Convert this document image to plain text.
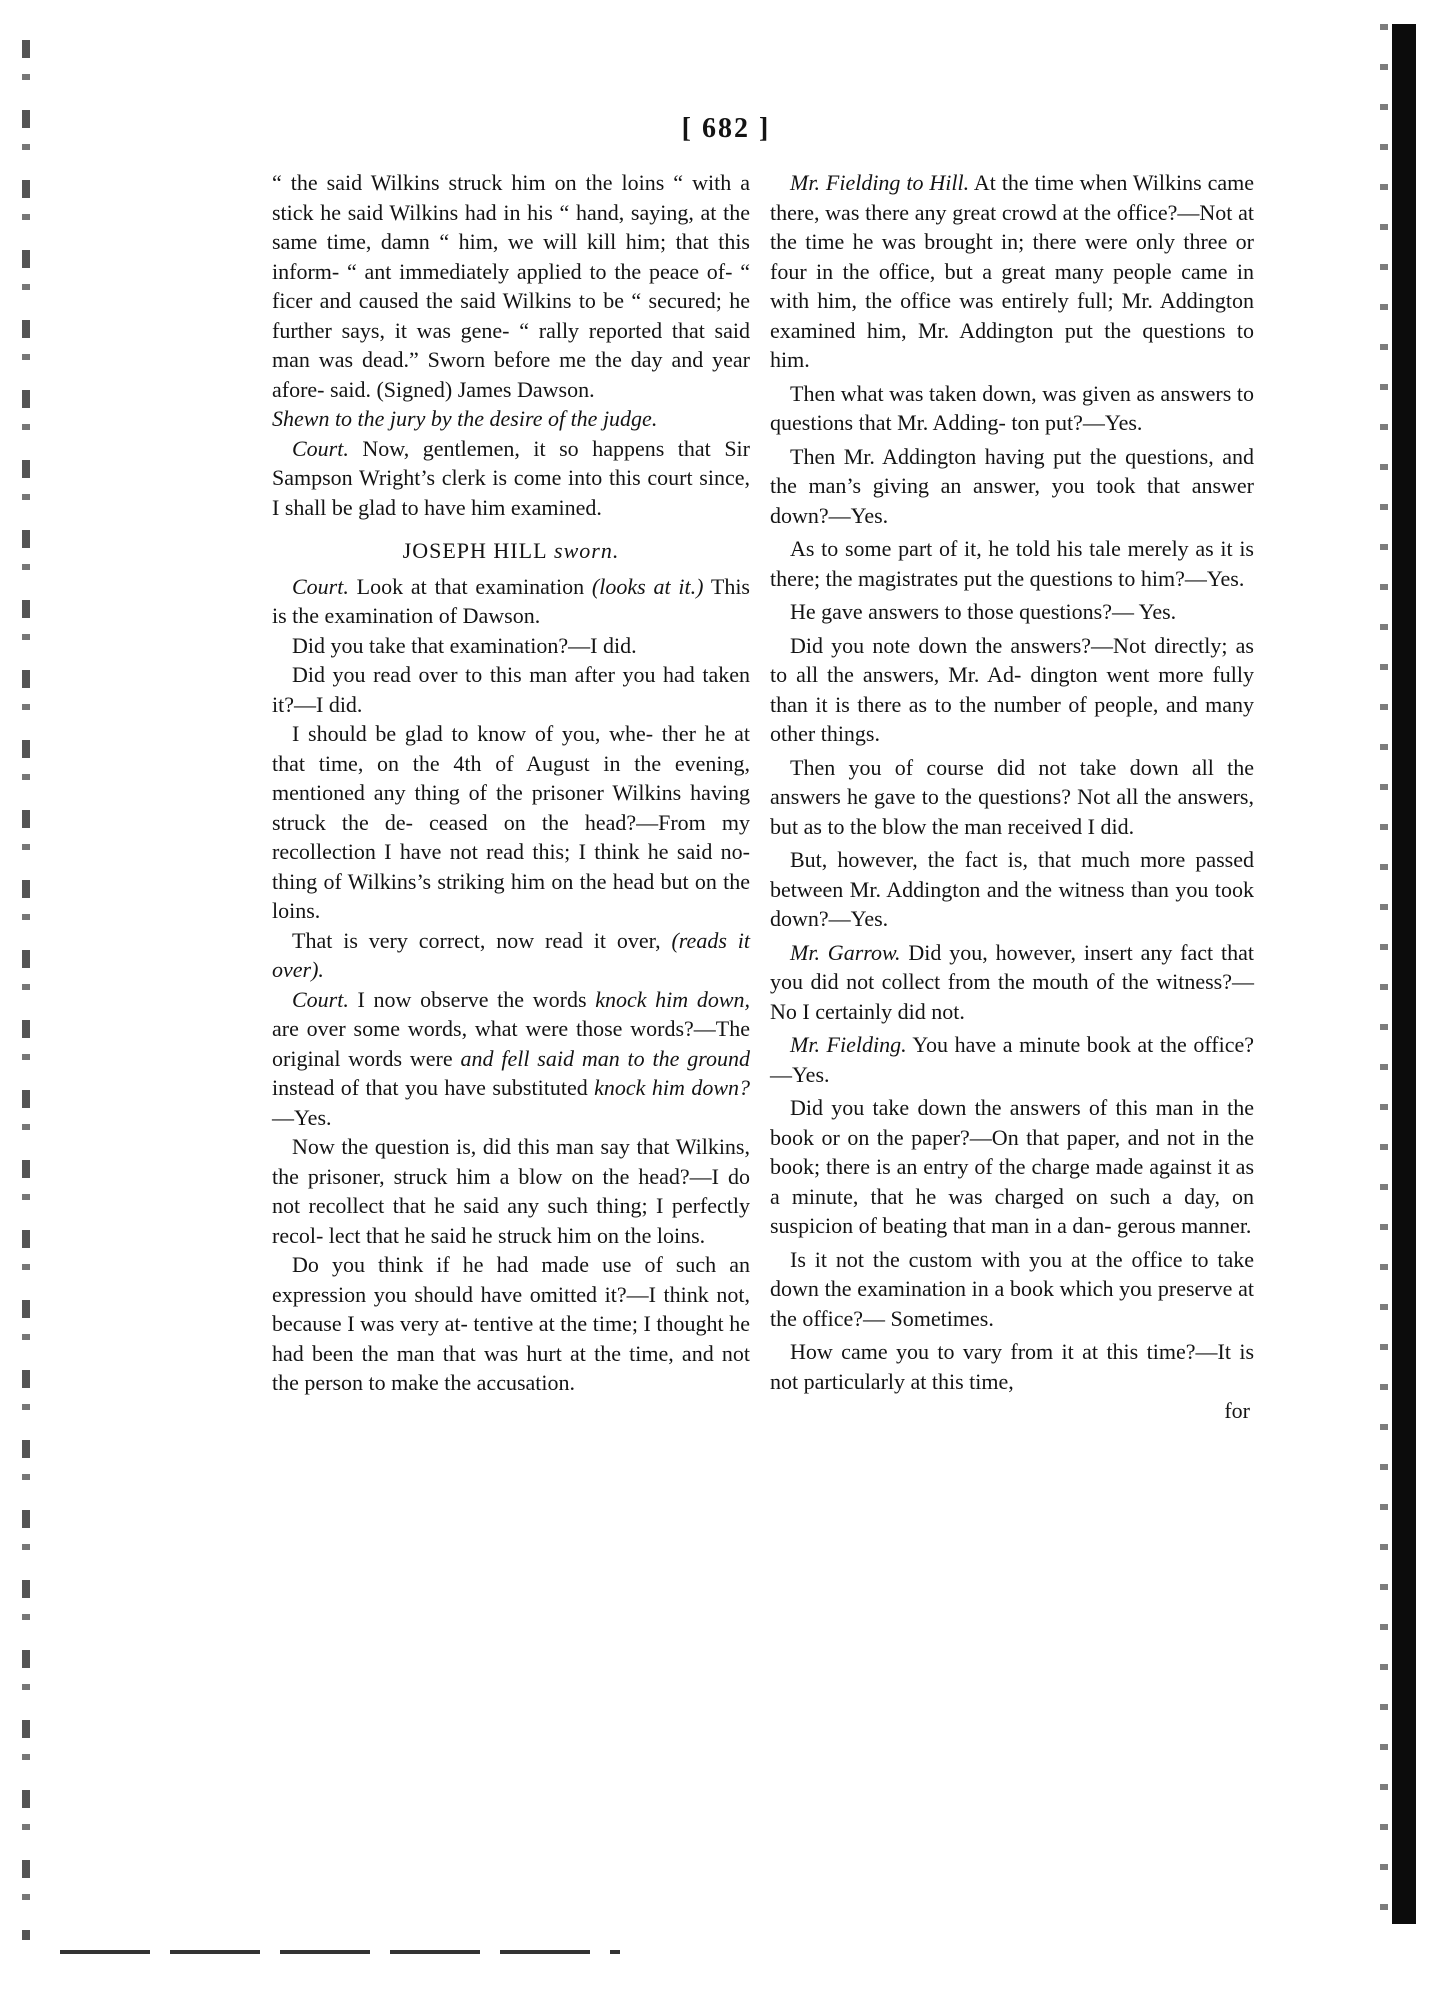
[ 682 ]

“ the said Wilkins struck him on the loins “ with a stick he said Wilkins had in his “ hand, saying, at the same time, damn “ him, we will kill him; that this inform- “ ant immediately applied to the peace of- “ ficer and caused the said Wilkins to be “ secured; he further says, it was gene- “ rally reported that said man was dead.” Sworn before me the day and year afore- said. (Signed) James Dawson.

Shewn to the jury by the desire of the judge.

Court. Now, gentlemen, it so happens that Sir Sampson Wright’s clerk is come into this court since, I shall be glad to have him examined.

JOSEPH HILL sworn.

Court. Look at that examination (looks at it.) This is the examination of Dawson.

Did you take that examination?—I did.

Did you read over to this man after you had taken it?—I did.

I should be glad to know of you, whe- ther he at that time, on the 4th of August in the evening, mentioned any thing of the prisoner Wilkins having struck the de- ceased on the head?—From my recollection I have not read this; I think he said no- thing of Wilkins’s striking him on the head but on the loins.

That is very correct, now read it over, (reads it over).

Court. I now observe the words knock him down, are over some words, what were those words?—The original words were and fell said man to the ground instead of that you have substituted knock him down?—Yes.

Now the question is, did this man say that Wilkins, the prisoner, struck him a blow on the head?—I do not recollect that he said any such thing; I perfectly recol- lect that he said he struck him on the loins.

Do you think if he had made use of such an expression you should have omitted it?—I think not, because I was very at- tentive at the time; I thought he had been the man that was hurt at the time, and not the person to make the accusation.

Mr. Fielding to Hill. At the time when Wilkins came there, was there any great crowd at the office?—Not at the time he was brought in; there were only three or four in the office, but a great many people came in with him, the office was entirely full; Mr. Addington examined him, Mr. Addington put the questions to him.

Then what was taken down, was given as answers to questions that Mr. Adding- ton put?—Yes.

Then Mr. Addington having put the questions, and the man’s giving an answer, you took that answer down?—Yes.

As to some part of it, he told his tale merely as it is there; the magistrates put the questions to him?—Yes.

He gave answers to those questions?— Yes.

Did you note down the answers?—Not directly; as to all the answers, Mr. Ad- dington went more fully than it is there as to the number of people, and many other things.

Then you of course did not take down all the answers he gave to the questions? Not all the answers, but as to the blow the man received I did.

But, however, the fact is, that much more passed between Mr. Addington and the witness than you took down?—Yes.

Mr. Garrow. Did you, however, insert any fact that you did not collect from the mouth of the witness?—No I certainly did not.

Mr. Fielding. You have a minute book at the office?—Yes.

Did you take down the answers of this man in the book or on the paper?—On that paper, and not in the book; there is an entry of the charge made against it as a minute, that he was charged on such a day, on suspicion of beating that man in a dan- gerous manner.

Is it not the custom with you at the office to take down the examination in a book which you preserve at the office?— Sometimes.

How came you to vary from it at this time?—It is not particularly at this time,

for
